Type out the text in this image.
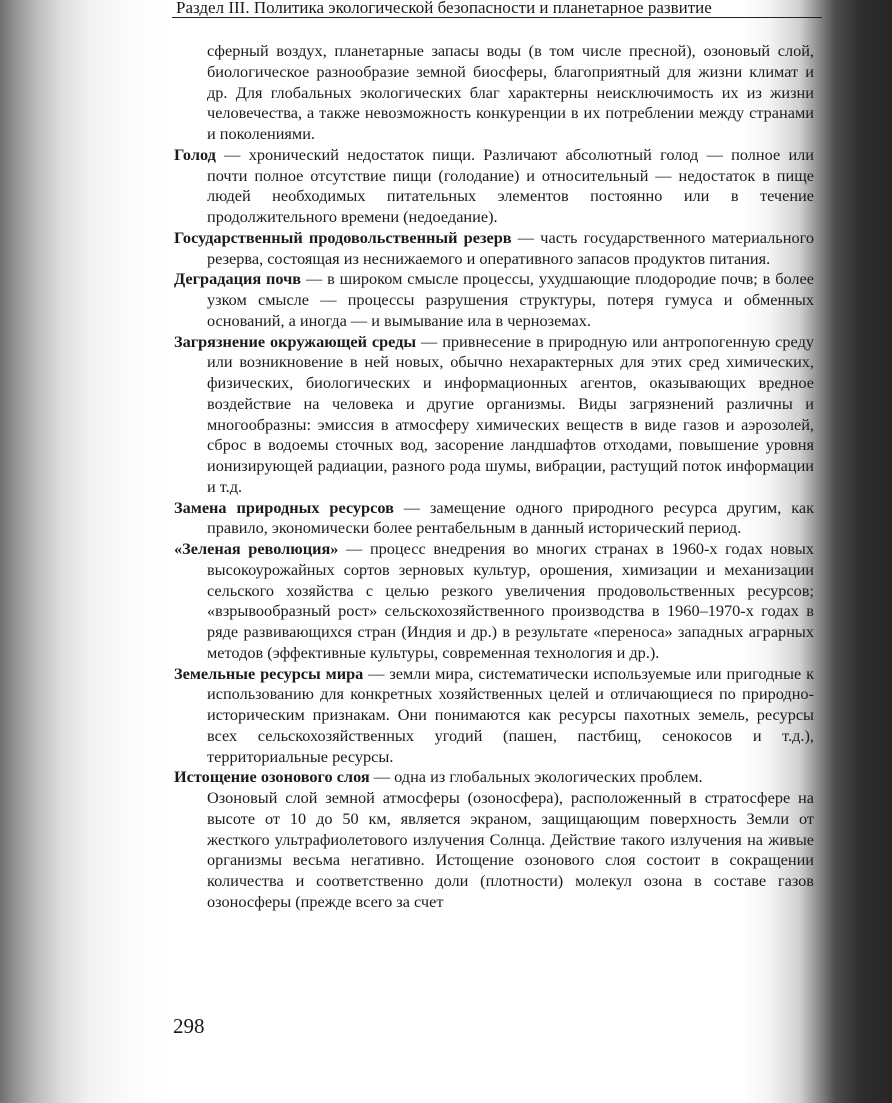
Раздел III. Политика экологической безопасности и планетарное развитие

сферный воздух, планетарные запасы воды (в том числе пресной), озоновый слой, биологическое разнообразие земной биосферы, благоприятный для жизни климат и др. Для глобальных экологических благ характерны неисключимость их из жизни человечества, а также невозможность конкуренции в их потреблении между странами и поколениями.

Голод — хронический недостаток пищи. Различают абсолютный голод — полное или почти полное отсутствие пищи (голодание) и относительный — недостаток в пище людей необходимых питательных элементов постоянно или в течение продолжительного времени (недоедание).

Государственный продовольственный резерв — часть государственного материального резерва, состоящая из неснижаемого и оперативного запасов продуктов питания.

Деградация почв — в широком смысле процессы, ухудшающие плодородие почв; в более узком смысле — процессы разрушения структуры, потеря гумуса и обменных оснований, а иногда — и вымывание ила в черноземах.

Загрязнение окружающей среды — привнесение в природную или антропогенную среду или возникновение в ней новых, обычно нехарактерных для этих сред химических, физических, биологических и информационных агентов, оказывающих вредное воздействие на человека и другие организмы. Виды загрязнений различны и многообразны: эмиссия в атмосферу химических веществ в виде газов и аэрозолей, сброс в водоемы сточных вод, засорение ландшафтов отходами, повышение уровня ионизирующей радиации, разного рода шумы, вибрации, растущий поток информации и т.д.

Замена природных ресурсов — замещение одного природного ресурса другим, как правило, экономически более рентабельным в данный исторический период.

«Зеленая революция» — процесс внедрения во многих странах в 1960-х годах новых высокоурожайных сортов зерновых культур, орошения, химизации и механизации сельского хозяйства с целью резкого увеличения продовольственных ресурсов; «взрывообразный рост» сельскохозяйственного производства в 1960–1970-х годах в ряде развивающихся стран (Индия и др.) в результате «переноса» западных аграрных методов (эффективные культуры, современная технология и др.).

Земельные ресурсы мира — земли мира, систематически используемые или пригодные к использованию для конкретных хозяйственных целей и отличающиеся по природно-историческим признакам. Они понимаются как ресурсы пахотных земель, ресурсы всех сельскохозяйственных угодий (пашен, пастбищ, сенокосов и т.д.), территориальные ресурсы.

Истощение озонового слоя — одна из глобальных экологических проблем.

Озоновый слой земной атмосферы (озоносфера), расположенный в стратосфере на высоте от 10 до 50 км, является экраном, защищающим поверхность Земли от жесткого ультрафиолетового излучения Солнца. Действие такого излучения на живые организмы весьма негативно. Истощение озонового слоя состоит в сокращении количества и соответственно доли (плотности) молекул озона в составе газов озоносферы (прежде всего за счет

298
